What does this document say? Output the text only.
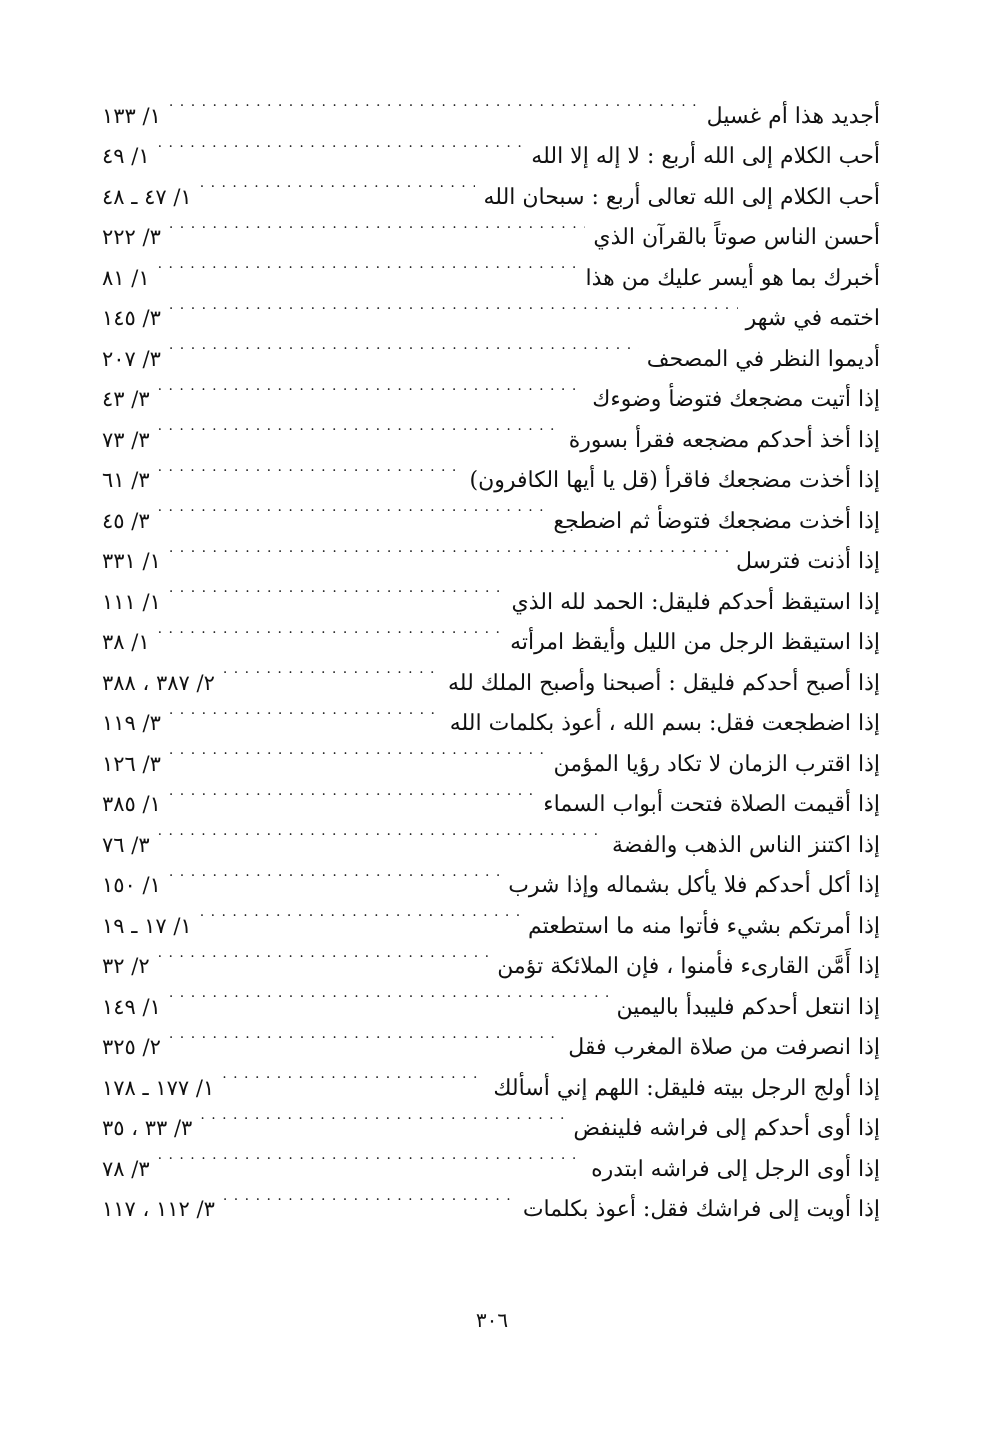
أجديد هذا أم غسيل
. . .
١/ ١٣٣
أحب الكلام إلى الله أربع : لا إله إلا الله
. . .
١/ ٤٩
أحب الكلام إلى الله تعالى أربع : سبحان الله
. . .
١/ ٤٧ ـ ٤٨
أحسن الناس صوتاً بالقرآن الذي
. . .
٣/ ٢٢٢
أخبرك بما هو أيسر عليك من هذا
. . .
١/ ٨١
اختمه في شهر
. . .
٣/ ١٤٥
أديموا النظر في المصحف
. . .
٣/ ٢٠٧
إذا أتيت مضجعك فتوضأ وضوءك
. . .
٣/ ٤٣
إذا أخذ أحدكم مضجعه فقرأ بسورة
. . .
٣/ ٧٣
إذا أخذت مضجعك فاقرأ (قل يا أيها الكافرون)
. . .
٣/ ٦١
إذا أخذت مضجعك فتوضأ ثم اضطجع
. . .
٣/ ٤٥
إذا أذنت فترسل
. . .
١/ ٣٣١
إذا استيقظ أحدكم فليقل: الحمد لله الذي
. . .
١/ ١١١
إذا استيقظ الرجل من الليل وأيقظ امرأته
. . .
١/ ٣٨
إذا أصبح أحدكم فليقل : أصبحنا وأصبح الملك لله
. . .
٢/ ٣٨٧ ، ٣٨٨
إذا اضطجعت فقل: بسم الله ، أعوذ بكلمات الله
. . .
٣/ ١١٩
إذا اقترب الزمان لا تكاد رؤيا المؤمن
. . .
٣/ ١٢٦
إذا أقيمت الصلاة فتحت أبواب السماء
. . .
١/ ٣٨٥
إذا اكتنز الناس الذهب والفضة
. . .
٣/ ٧٦
إذا أكل أحدكم فلا يأكل بشماله وإذا شرب
. . .
١/ ١٥٠
إذا أمرتكم بشيء فأتوا منه ما استطعتم
. . .
١/ ١٧ ـ ١٩
إذا أَمَّن القارىء فأمنوا ، فإن الملائكة تؤمن
. . .
٢/ ٣٢
إذا انتعل أحدكم فليبدأ باليمين
. . .
١/ ١٤٩
إذا انصرفت من صلاة المغرب فقل
. . .
٢/ ٣٢٥
إذا أولج الرجل بيته فليقل: اللهم إني أسألك
. . .
١/ ١٧٧ ـ ١٧٨
إذا أوى أحدكم إلى فراشه فلينفض
. . .
٣/ ٣٣ ، ٣٥
إذا أوى الرجل إلى فراشه ابتدره
. . .
٣/ ٧٨
إذا أويت إلى فراشك فقل: أعوذ بكلمات
. . .
٣/ ١١٢ ، ١١٧
٣٠٦
